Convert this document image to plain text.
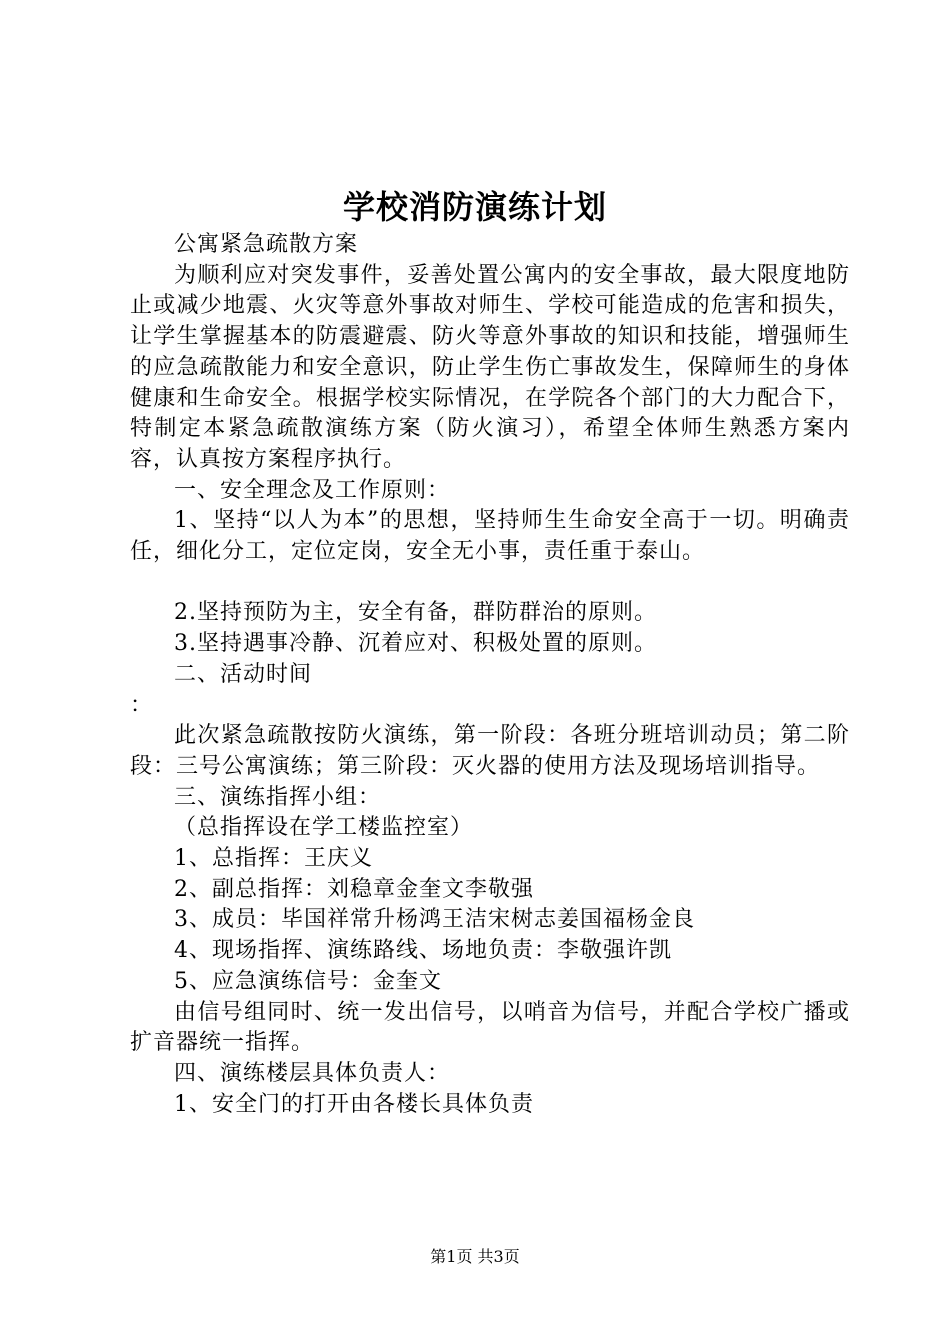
学校消防演练计划

公寓紧急疏散方案

为顺利应对突发事件，妥善处置公寓内的安全事故，最大限度地防止或减少地震、火灾等意外事故对师生、学校可能造成的危害和损失，让学生掌握基本的防震避震、防火等意外事故的知识和技能，增强师生的应急疏散能力和安全意识，防止学生伤亡事故发生，保障师生的身体健康和生命安全。根据学校实际情况，在学院各个部门的大力配合下，特制定本紧急疏散演练方案（防火演习），希望全体师生熟悉方案内容，认真按方案程序执行。

一、安全理念及工作原则：

1、坚持“以人为本”的思想，坚持师生生命安全高于一切。明确责任，细化分工，定位定岗，安全无小事，责任重于泰山。

2.坚持预防为主，安全有备，群防群治的原则。

3.坚持遇事冷静、沉着应对、积极处置的原则。

二、活动时间

：

此次紧急疏散按防火演练，第一阶段：各班分班培训动员；第二阶段：三号公寓演练；第三阶段：灭火器的使用方法及现场培训指导。

三、演练指挥小组：

（总指挥设在学工楼监控室）

1、总指挥：王庆义

2、副总指挥：刘稳章金奎文李敬强

3、成员：毕国祥常升杨鸿王洁宋树志姜国福杨金良

4、现场指挥、演练路线、场地负责：李敬强许凯

5、应急演练信号：金奎文

由信号组同时、统一发出信号，以哨音为信号，并配合学校广播或扩音器统一指挥。

四、演练楼层具体负责人：

1、安全门的打开由各楼长具体负责

第1页 共3页
